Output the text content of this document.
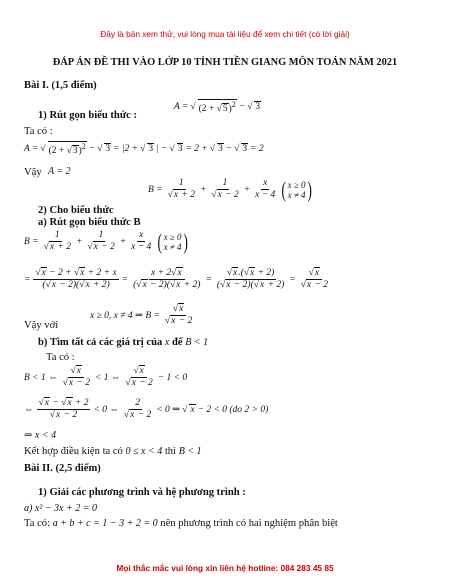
Đây là bản xem thử, vui lòng mua tài liệu để xem chi tiết (có lời giải)
ĐÁP ÁN ĐỀ THI VÀO LỚP 10 TỈNH TIỀN GIANG MÔN TOÁN NĂM 2021
Bài I. (1,5 điểm)
1) Rút gọn biểu thức :
A = √ (2 + √ 5)$^2$ − √ 3
Ta có :
A = √ (2 + √ 3)$^2$ − √ 3 = |2 + √ 3 | − √ 3 = 2 + √ 3 − √ 3 = 2
Vậy A = 2
B = 1
√ x + 2 + 1
√ $x - 2 + \frac{x}{x - 4}$ ( x ≥ 0
x ≠ 4 )
2) Cho biểu thức
a) Rút gọn biểu thức B
B = 1
√ x + 2 + 1
√ $x - 2 + \frac{x}{x - 4}$ ( x ≥ 0
x ≠ 4 )
= √ $\frac{x - 2 + √ x + 2 + x}{( √ x - 2)( √ x + 2)} = \frac{x + 2 √ x}{( √ x - 2)( √ x + 2)}$ = √ $\frac{x.( √ x + 2)}{( √ x - 2)( √ x + 2)}$ = √ x
√ x − 2
x ≥ 0, x ≠ 4 ⇒ B = √ x
√ x − 2
Vậy với
b) Tìm tất cả các giá trị của x để B < 1
Ta có :
B < 1 ⇔ √ x
√ x − 2 < 1 ⇔ √ x
√ x − 2 − 1 < 0
⇔ √ x − √ x + 2
√ x − 2 < 0 ⇔ 2
√ x − 2 < 0 ⇒ √ x − 2 < 0 (do 2 > 0)
⇒ x < 4
Kết hợp điều kiện ta có 0 ≤ x < 4 thì B < 1
Bài II. (2,5 điểm)
1) Giải các phương trình và hệ phương trình :
a) x² − 3x + 2 = 0
Ta có: a + b + c = 1 − 3 + 2 = 0 nên phương trình có hai nghiệm phân biệt
Mọi thắc mắc vui lòng xin liên hệ hotline: 084 283 45 85
